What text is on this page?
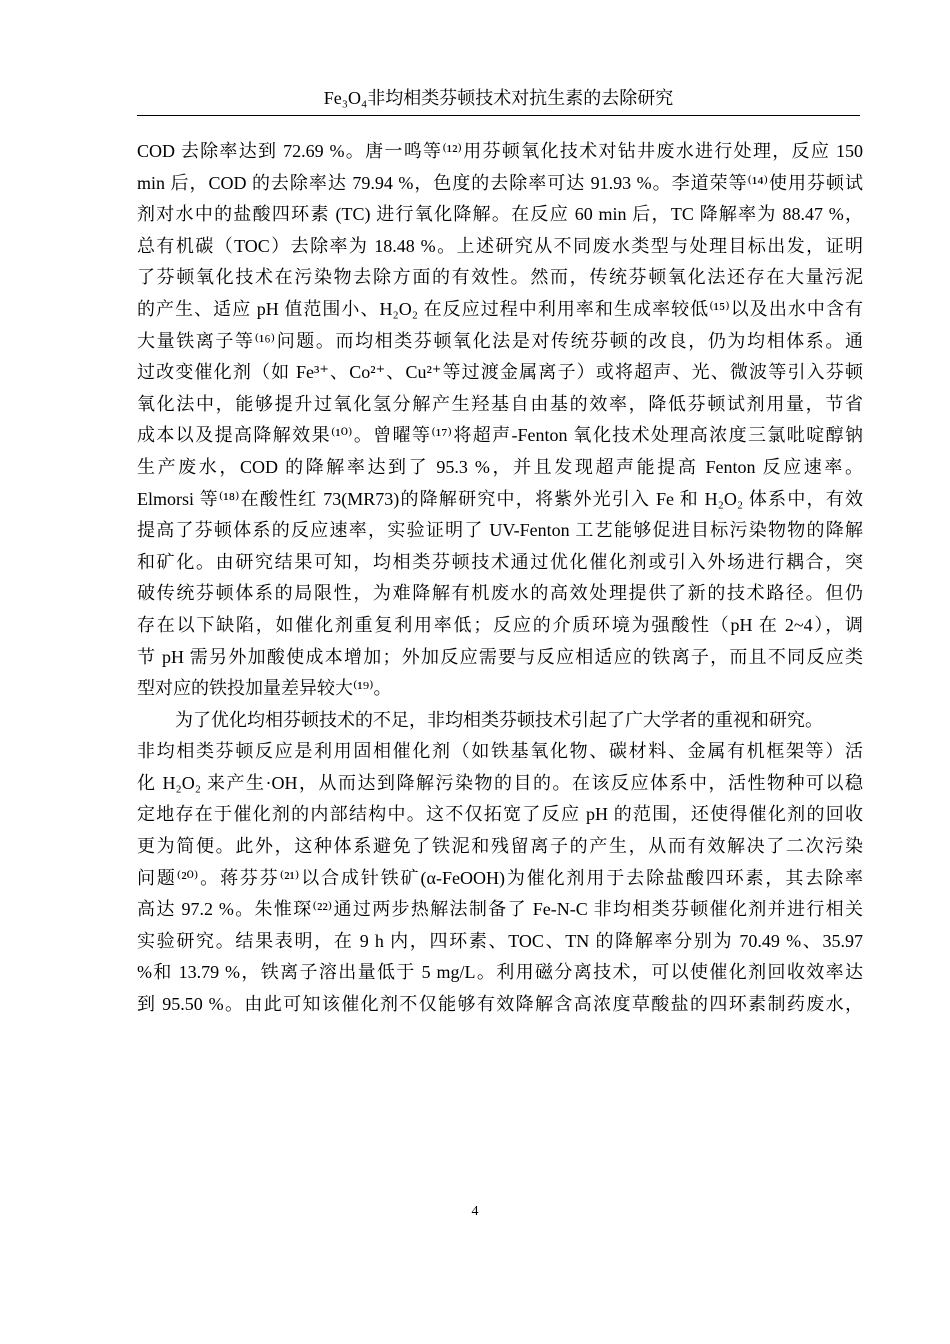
Fe₃O₄非均相类芬顿技术对抗生素的去除研究
COD 去除率达到 72.69 %。唐一鸣等⁽¹²⁾用芬顿氧化技术对钻井废水进行处理，反应 150
min 后，COD 的去除率达 79.94 %，色度的去除率可达 91.93 %。李道荣等⁽¹⁴⁾使用芬顿试
剂对水中的盐酸四环素 (TC) 进行氧化降解。在反应 60 min 后，TC 降解率为 88.47 %，
总有机碳（TOC）去除率为 18.48 %。上述研究从不同废水类型与处理目标出发，证明
了芬顿氧化技术在污染物去除方面的有效性。然而，传统芬顿氧化法还存在大量污泥
的产生、适应 pH 值范围小、H₂O₂ 在反应过程中利用率和生成率较低⁽¹⁵⁾以及出水中含有
大量铁离子等⁽¹⁶⁾问题。而均相类芬顿氧化法是对传统芬顿的改良，仍为均相体系。通
过改变催化剂（如 Fe³⁺、Co²⁺、Cu²⁺等过渡金属离子）或将超声、光、微波等引入芬顿
氧化法中，能够提升过氧化氢分解产生羟基自由基的效率，降低芬顿试剂用量，节省
成本以及提高降解效果⁽¹⁰⁾。曾曜等⁽¹⁷⁾将超声-Fenton 氧化技术处理高浓度三氯吡啶醇钠
生产废水，COD 的降解率达到了 95.3 %，并且发现超声能提高 Fenton 反应速率。
Elmorsi 等⁽¹⁸⁾在酸性红 73(MR73)的降解研究中，将紫外光引入 Fe 和 H₂O₂ 体系中，有效
提高了芬顿体系的反应速率，实验证明了 UV-Fenton 工艺能够促进目标污染物物的降解
和矿化。由研究结果可知，均相类芬顿技术通过优化催化剂或引入外场进行耦合，突
破传统芬顿体系的局限性，为难降解有机废水的高效处理提供了新的技术路径。但仍
存在以下缺陷，如催化剂重复利用率低；反应的介质环境为强酸性（pH 在 2~4），调
节 pH 需另外加酸使成本增加；外加反应需要与反应相适应的铁离子，而且不同反应类
型对应的铁投加量差异较大⁽¹⁹⁾。
为了优化均相芬顿技术的不足，非均相类芬顿技术引起了广大学者的重视和研究。
非均相类芬顿反应是利用固相催化剂（如铁基氧化物、碳材料、金属有机框架等）活
化 H₂O₂ 来产生·OH，从而达到降解污染物的目的。在该反应体系中，活性物种可以稳
定地存在于催化剂的内部结构中。这不仅拓宽了反应 pH 的范围，还使得催化剂的回收
更为简便。此外，这种体系避免了铁泥和残留离子的产生，从而有效解决了二次污染
问题⁽²⁰⁾。蒋芬芬⁽²¹⁾以合成针铁矿(α-FeOOH)为催化剂用于去除盐酸四环素，其去除率
高达 97.2 %。朱惟琛⁽²²⁾通过两步热解法制备了 Fe-N-C 非均相类芬顿催化剂并进行相关
实验研究。结果表明，在 9 h 内，四环素、TOC、TN 的降解率分别为 70.49 %、35.97
%和 13.79 %，铁离子溶出量低于 5 mg/L。利用磁分离技术，可以使催化剂回收效率达
到 95.50 %。由此可知该催化剂不仅能够有效降解含高浓度草酸盐的四环素制药废水，
4
